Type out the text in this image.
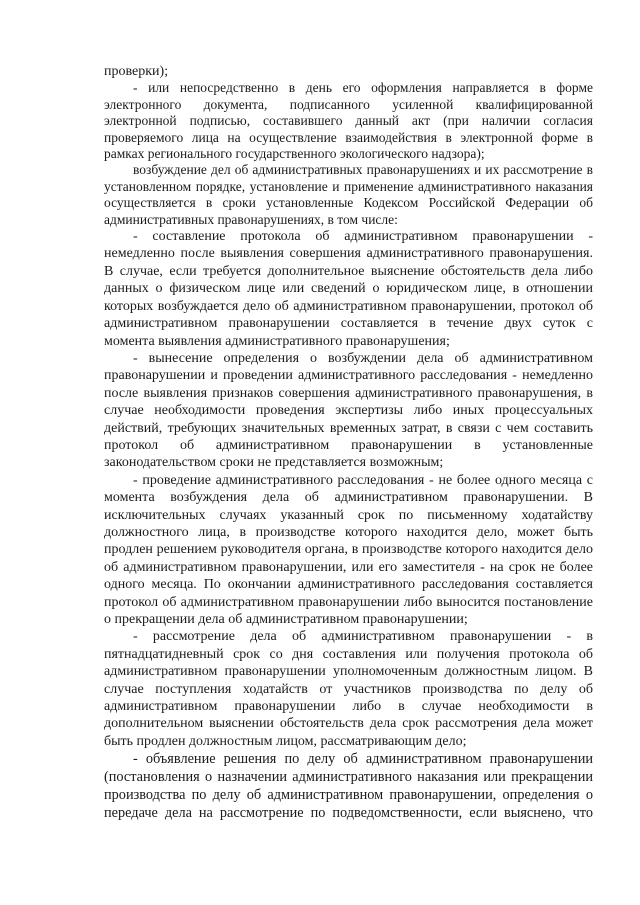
проверки);

- или непосредственно в день его оформления направляется в форме электронного документа, подписанного усиленной квалифицированной электронной подписью, составившего данный акт (при наличии согласия проверяемого лица на осуществление взаимодействия в электронной форме в рамках регионального государственного экологического надзора);

возбуждение дел об административных правонарушениях и их рассмотрение в установленном порядке, установление и применение административного наказания осуществляется в сроки установленные Кодексом Российской Федерации об административных правонарушениях, в том числе:

- составление протокола об административном правонарушении - немедленно после выявления совершения административного правонарушения. В случае, если требуется дополнительное выяснение обстоятельств дела либо данных о физическом лице или сведений о юридическом лице, в отношении которых возбуждается дело об административном правонарушении, протокол об административном правонарушении составляется в течение двух суток с момента выявления административного правонарушения;

- вынесение определения о возбуждении дела об административном правонарушении и проведении административного расследования - немедленно после выявления признаков совершения административного правонарушения, в случае необходимости проведения экспертизы либо иных процессуальных действий, требующих значительных временных затрат, в связи с чем составить протокол об административном правонарушении в установленные законодательством сроки не представляется возможным;

- проведение административного расследования - не более одного месяца с момента возбуждения дела об административном правонарушении. В исключительных случаях указанный срок по письменному ходатайству должностного лица, в производстве которого находится дело, может быть продлен решением руководителя органа, в производстве которого находится дело об административном правонарушении, или его заместителя - на срок не более одного месяца. По окончании административного расследования составляется протокол об административном правонарушении либо выносится постановление о прекращении дела об административном правонарушении;

- рассмотрение дела об административном правонарушении - в пятнадцатидневный срок со дня составления или получения протокола об административном правонарушении уполномоченным должностным лицом. В случае поступления ходатайств от участников производства по делу об административном правонарушении либо в случае необходимости в дополнительном выяснении обстоятельств дела срок рассмотрения дела может быть продлен должностным лицом, рассматривающим дело;

- объявление решения по делу об административном правонарушении (постановления о назначении административного наказания или прекращении производства по делу об административном правонарушении, определения о передаче дела на рассмотрение по подведомственности, если выяснено, что
